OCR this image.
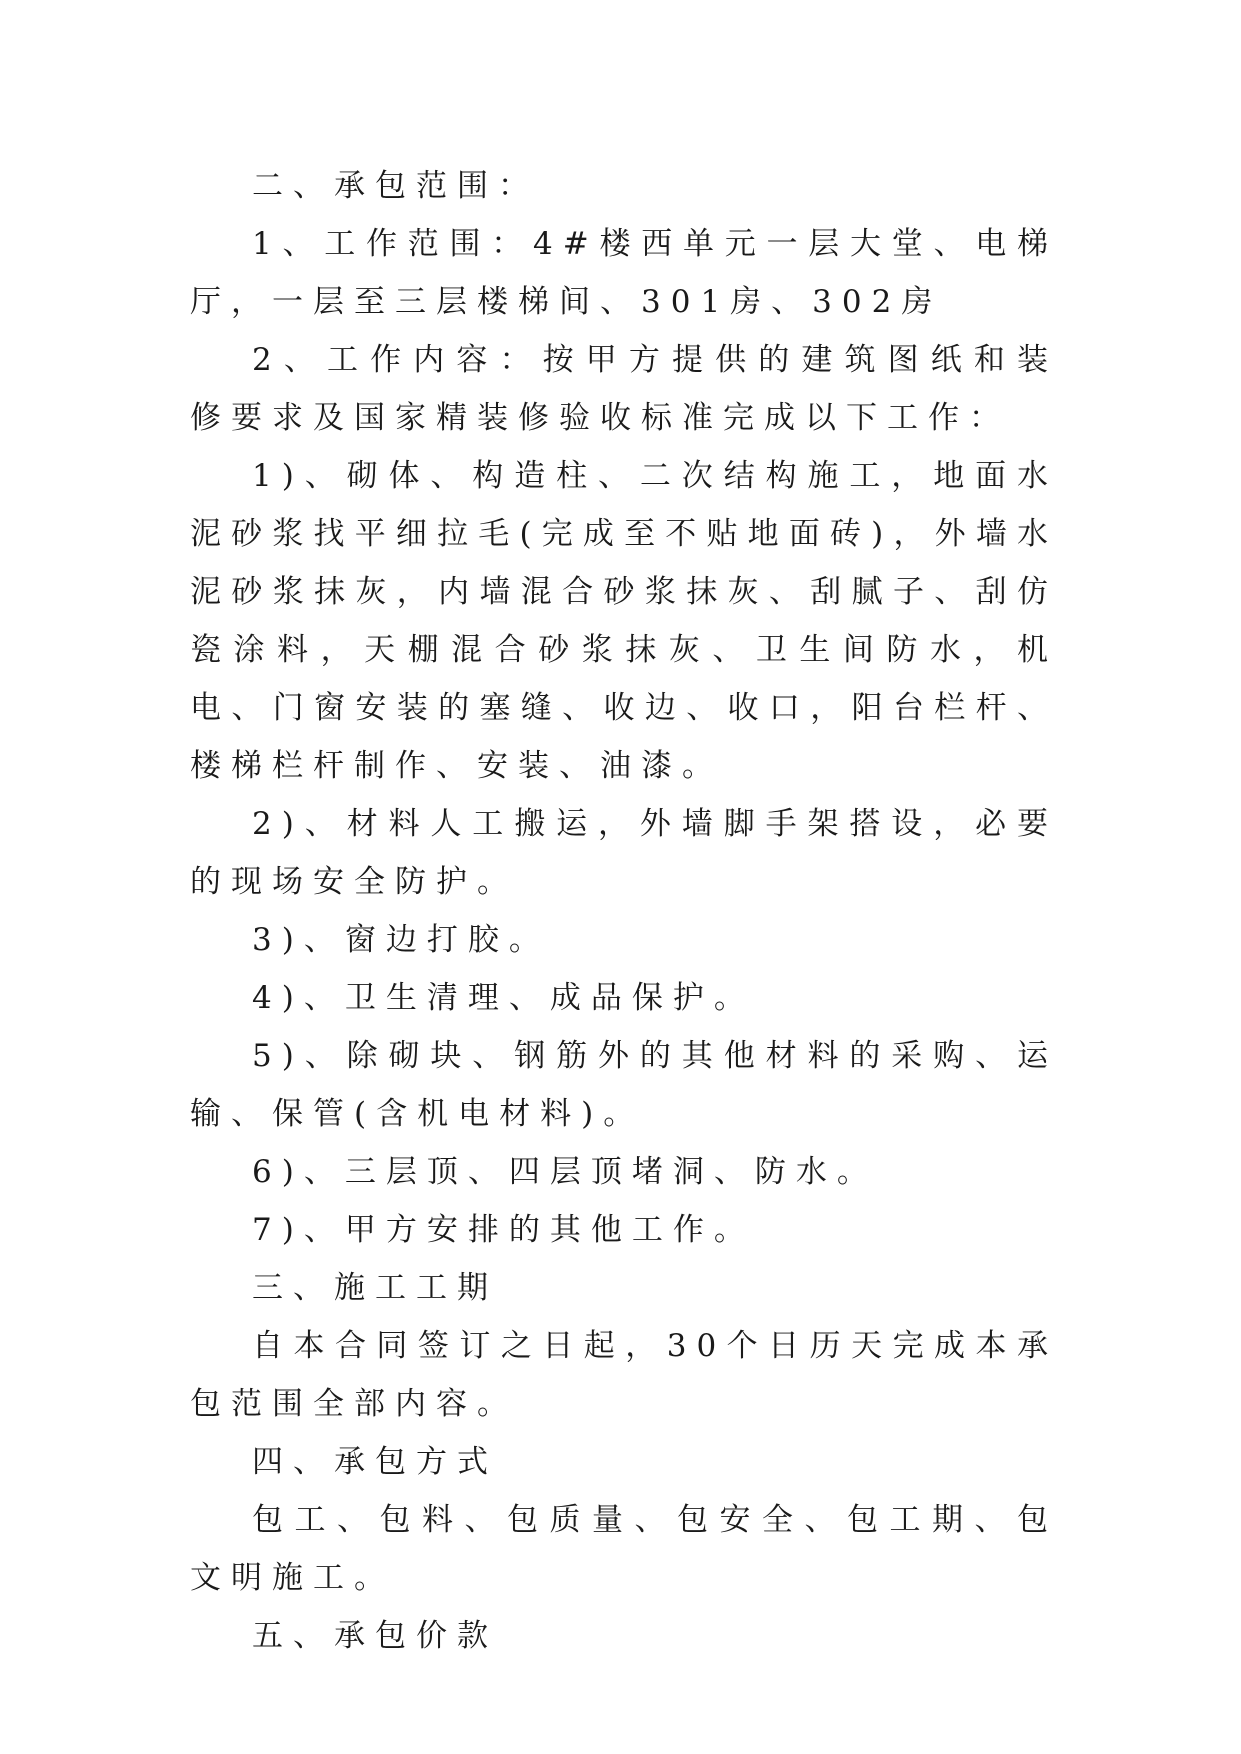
二、承包范围：

1、工作范围：4#楼西单元一层大堂、电梯厅，一层至三层楼梯间、301房、302房

2、工作内容：按甲方提供的建筑图纸和装修要求及国家精装修验收标准完成以下工作：

1)、砌体、构造柱、二次结构施工，地面水泥砂浆找平细拉毛(完成至不贴地面砖)，外墙水泥砂浆抹灰，内墙混合砂浆抹灰、刮腻子、刮仿瓷涂料，天棚混合砂浆抹灰、卫生间防水，机电、门窗安装的塞缝、收边、收口，阳台栏杆、楼梯栏杆制作、安装、油漆。

2)、材料人工搬运，外墙脚手架搭设，必要的现场安全防护。

3)、窗边打胶。

4)、卫生清理、成品保护。

5)、除砌块、钢筋外的其他材料的采购、运输、保管(含机电材料)。

6)、三层顶、四层顶堵洞、防水。

7)、甲方安排的其他工作。

三、施工工期

自本合同签订之日起，30个日历天完成本承包范围全部内容。

四、承包方式

包工、包料、包质量、包安全、包工期、包文明施工。

五、承包价款
